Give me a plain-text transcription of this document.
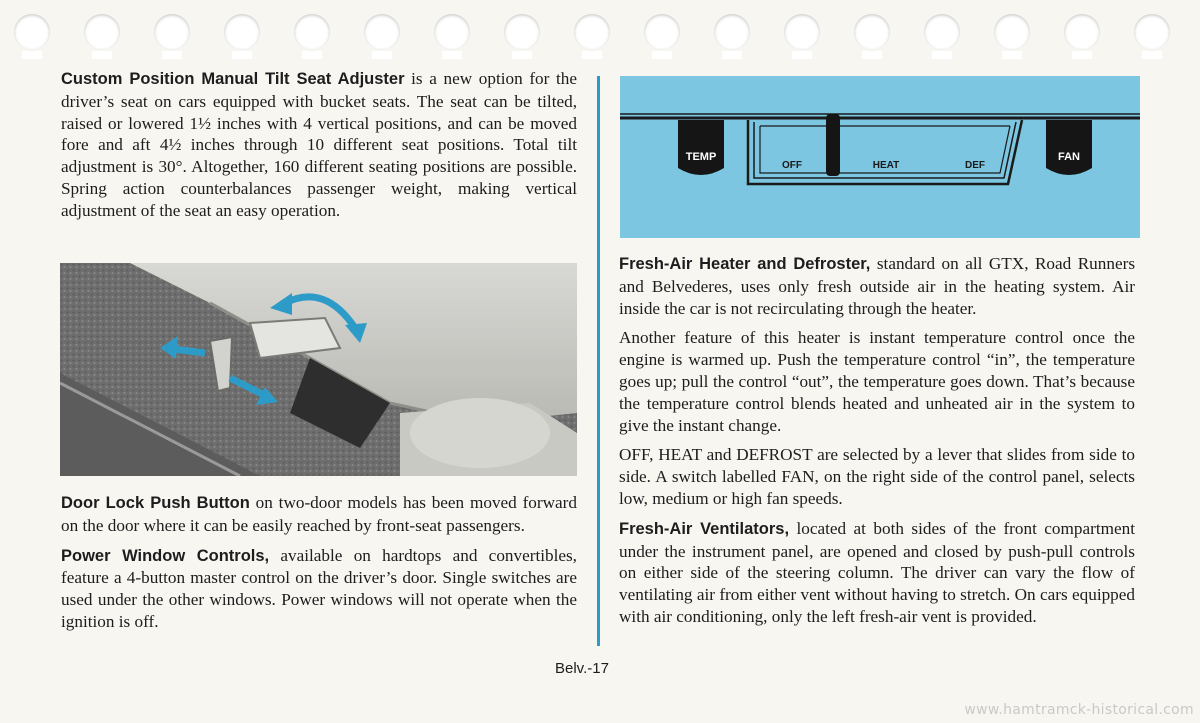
Custom Position Manual Tilt Seat Adjuster is a new option for the driver’s seat on cars equipped with bucket seats. The seat can be tilted, raised or lowered 1½ inches with 4 vertical positions, and can be moved fore and aft 4½ inches through 10 different seat positions. Total tilt adjustment is 30°. Altogether, 160 different seating positions are possible. Spring action counterbalances passenger weight, making vertical adjustment of the seat an easy operation.

Door Lock Push Button on two-door models has been moved forward on the door where it can be easily reached by front-seat passengers.

Power Window Controls, available on hardtops and convertibles, feature a 4-button master control on the driver’s door. Single switches are used under the other windows. Power windows will not operate when the ignition is off.

TEMP	FAN
OFF	HEAT	DEF

Fresh-Air Heater and Defroster, standard on all GTX, Road Runners and Belvederes, uses only fresh outside air in the heating system. Air inside the car is not recirculating through the heater.

Another feature of this heater is instant temperature control once the engine is warmed up. Push the temperature control “in”, the temperature goes up; pull the control “out”, the temperature goes down. That’s because the temperature control blends heated and unheated air in the system to give the instant change.

OFF, HEAT and DEFROST are selected by a lever that slides from side to side. A switch labelled FAN, on the right side of the control panel, selects low, medium or high fan speeds.

Fresh-Air Ventilators, located at both sides of the front compartment under the instrument panel, are opened and closed by push-pull controls on either side of the steering column. The driver can vary the flow of ventilating air from either vent without having to stretch. On cars equipped with air conditioning, only the left fresh-air vent is provided.

Belv.-17
www.hamtramck-historical.com
